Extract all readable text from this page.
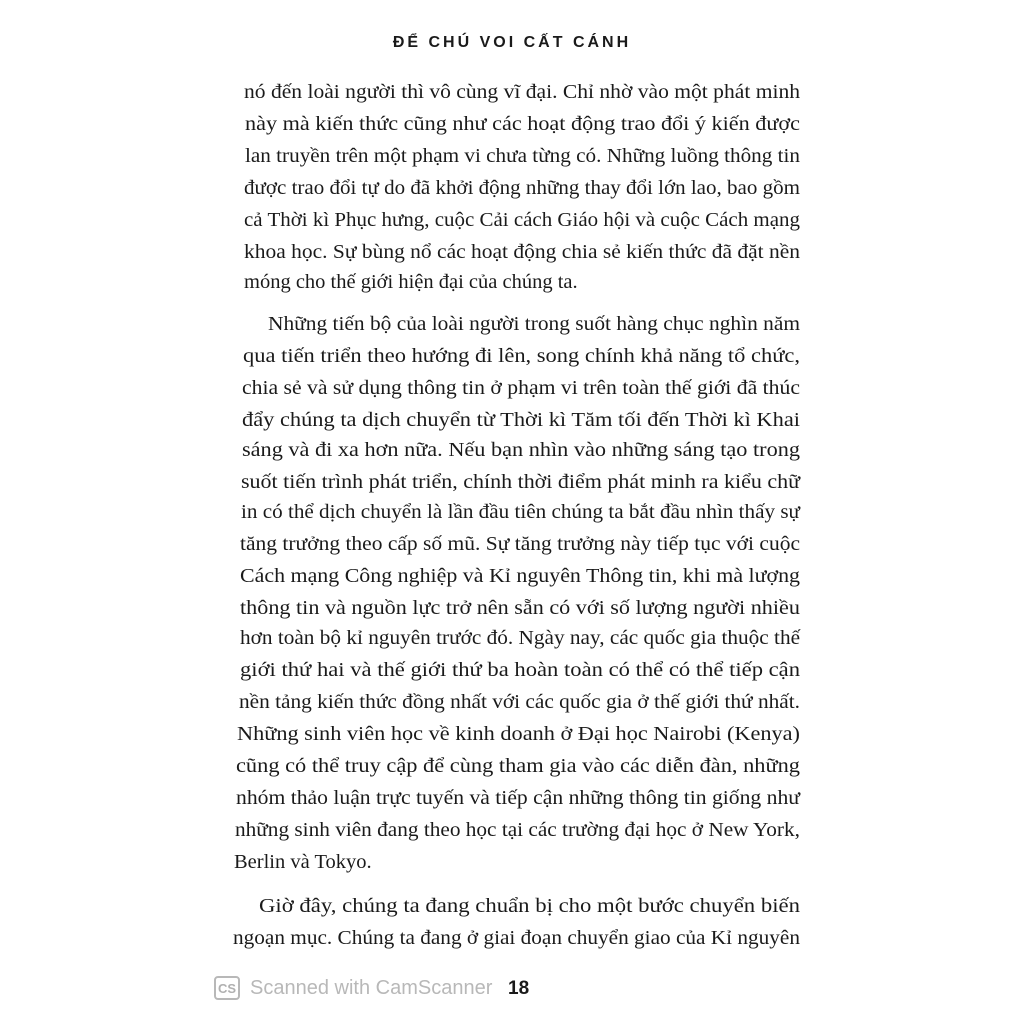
ĐỂ CHÚ VOI CẤT CÁNH
nó đến loài người thì vô cùng vĩ đại. Chỉ nhờ vào một phát minh
này mà kiến thức cũng như các hoạt động trao đổi ý kiến được
lan truyền trên một phạm vi chưa từng có. Những luồng thông tin
được trao đổi tự do đã khởi động những thay đổi lớn lao, bao gồm
cả Thời kì Phục hưng, cuộc Cải cách Giáo hội và cuộc Cách mạng
khoa học. Sự bùng nổ các hoạt động chia sẻ kiến thức đã đặt nền
móng cho thế giới hiện đại của chúng ta.
Những tiến bộ của loài người trong suốt hàng chục nghìn năm
qua tiến triển theo hướng đi lên, song chính khả năng tổ chức,
chia sẻ và sử dụng thông tin ở phạm vi trên toàn thế giới đã thúc
đẩy chúng ta dịch chuyển từ Thời kì Tăm tối đến Thời kì Khai
sáng và đi xa hơn nữa. Nếu bạn nhìn vào những sáng tạo trong
suốt tiến trình phát triển, chính thời điểm phát minh ra kiểu chữ
in có thể dịch chuyển là lần đầu tiên chúng ta bắt đầu nhìn thấy sự
tăng trưởng theo cấp số mũ. Sự tăng trưởng này tiếp tục với cuộc
Cách mạng Công nghiệp và Kỉ nguyên Thông tin, khi mà lượng
thông tin và nguồn lực trở nên sẵn có với số lượng người nhiều
hơn toàn bộ kỉ nguyên trước đó. Ngày nay, các quốc gia thuộc thế
giới thứ hai và thế giới thứ ba hoàn toàn có thể có thể tiếp cận
nền tảng kiến thức đồng nhất với các quốc gia ở thế giới thứ nhất.
Những sinh viên học về kinh doanh ở Đại học Nairobi (Kenya)
cũng có thể truy cập để cùng tham gia vào các diễn đàn, những
nhóm thảo luận trực tuyến và tiếp cận những thông tin giống như
những sinh viên đang theo học tại các trường đại học ở New York,
Berlin và Tokyo.
Giờ đây, chúng ta đang chuẩn bị cho một bước chuyển biến
ngoạn mục. Chúng ta đang ở giai đoạn chuyển giao của Kỉ nguyên
CS Scanned with CamScanner 18
